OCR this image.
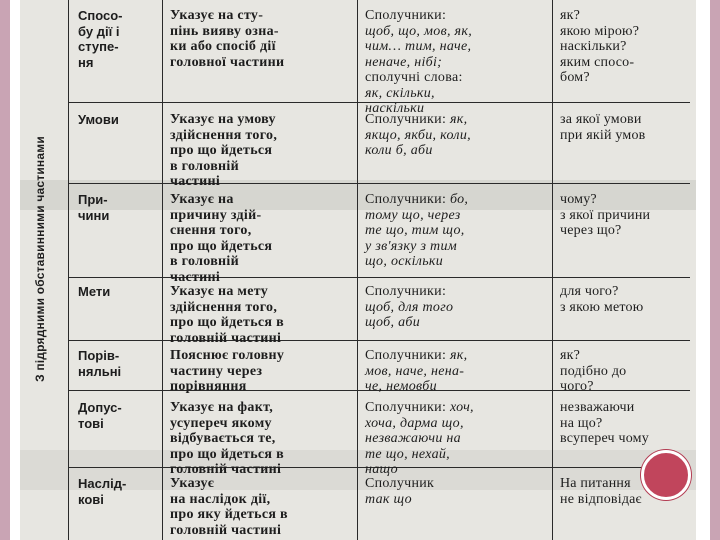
З підрядними обставинними частинами
Спосо-
бу дії і
ступе-
ня
Указує на сту-
пінь вияву озна-
ки або спосіб дії
головної частини
Сполучники:
щоб, що, мов, як,
чим… тим, наче,
неначе, нібі;
сполучні слова:
як, скільки,
наскільки
як?
якою мірою?
наскільки?
яким спосо-
бом?
Умови	Указує на умову
здійснення того,
про що йдеться
в головній
частині
Сполучники: як,
якщо, якби, коли,
коли б, аби
за якої умови
при якій умов
При-
чини
Указує на
причину здій-
снення того,
про що йдеться
в головній
частині
Сполучники: бо,
тому що, через
те що, тим що,
у зв'язку з тим
що, оскільки
чому?
з якої причини
через що?
Мети	Указує на мету
здійснення того,
про що йдеться в
головній частині
Сполучники:
щоб, для того
щоб, аби
для чого?
з якою метою
Порів-
няльні
Пояснює головну
частину через
порівняння
Сполучники: як,
мов, наче, нена-
че, немовби
як?
подібно до
чого?
Допус-
тові
Указує на факт,
усупереч якому
відбувається те,
про що йдеться в
головній частині
Сполучники: хоч,
хоча, дарма що,
незважаючи на
те що, нехай,
нащо
незважаючи
на що?
всупереч чому
Наслід-
кові
Указує
на наслідок дії,
про яку йдеться в
головній частині
Сполучник
так що
На питання
не відповідає
